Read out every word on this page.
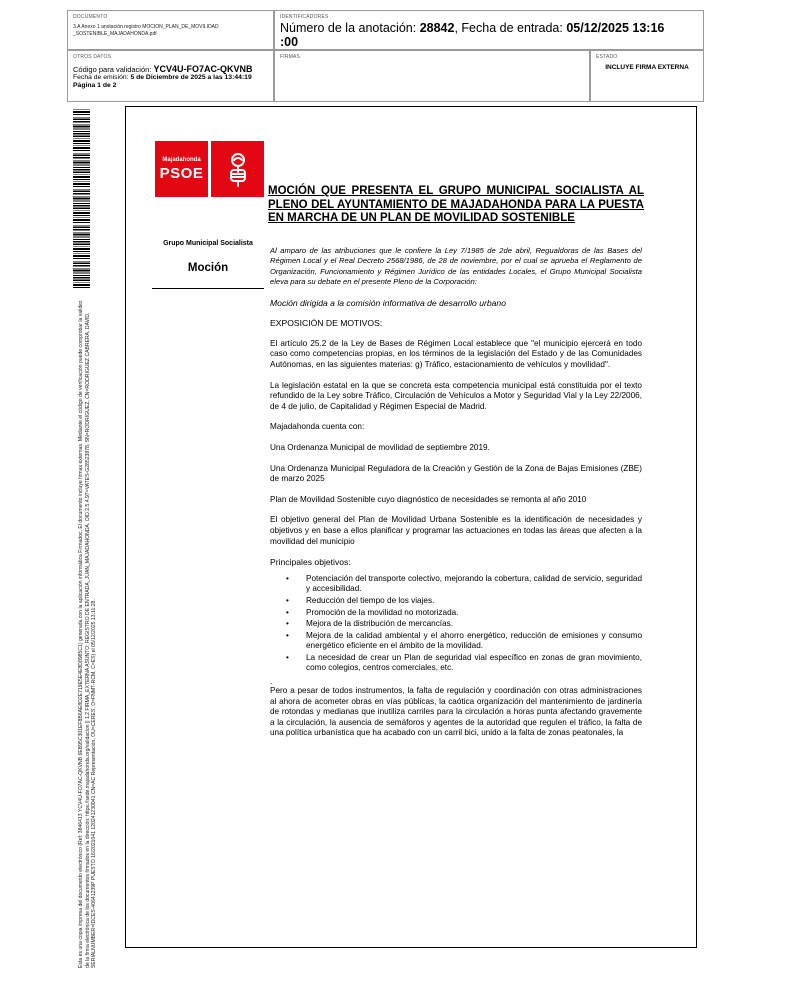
DOCUMENTO
3.A Anexo 1 anotación registro MOCION_PLAN_DE_MOVILIDAD _SOSTENIBLE_MAJADAHONDA.pdf
IDENTIFICADORES
Número de la anotación: 28842, Fecha de entrada: 05/12/2025 13:16
:00
OTROS DATOS
Código para validación: YCV4U-FO7AC-QKVNB
Fecha de emisión: 5 de Diciembre de 2025 a las 13:44:19
Página 1 de 2
FIRMAS	ESTADO
INCLUYE FIRMA EXTERNA
Esta es una copia impresa del documento electrónico (Ref: 3846413 YCV4U-FO7AC-QKVNB 6EB95C301EF8B6AE8D2E719E5E4E8D8985C1) generada con la aplicación informática Firmadoc. El documento incluye firmas externas. Mediante el código de verificación puede comprobar la validez de la firma electrónica de los documentos firmados en la dirección: https://sede.majadahonda.org/validacion || 1.2 FIRMA_EXTERNA ASUNTO: REGISTRO DE ENTRADA_JUAN_MAJADAHONDA, OID 2.5.4.97=VATES-G28523878, SN=RODRIGUEZ, CN=RODRIGUEZ CABRERA, DAVID, SERIALNUMBER=IDCES-40641239P PUESTO 16/2021041 120241230041 CN=AC Representación, OU=CERES, O=FNMT-RCM, C=ES) el 05/12/2025 13:11:28.
Majadahonda
PSOE
Grupo Municipal Socialista
Moción
MOCIÓN QUE PRESENTA EL GRUPO MUNICIPAL SOCIALISTA AL PLENO DEL AYUNTAMIENTO DE MAJADAHONDA PARA LA PUESTA EN MARCHA DE UN PLAN DE MOVILIDAD SOSTENIBLE

Al amparo de las atribuciones que le confiere la Ley 7/1985 de 2de abril, Regualdoras de las Bases del Régimen Local y el Real Decreto 2568/1986, de 28 de noviembre, por el cual se aprueba el Reglamento de Organización, Funcionamiento y Régimen Jurídico de las entidades Locales, el Grupo Municipal Socialista eleva para su debate en el presente Pleno de la Corporación:

Moción dirigida a la comisión informativa de desarrollo urbano

EXPOSICIÓN DE MOTIVOS:

El artículo 25.2 de la Ley de Bases de Régimen Local establece que "el municipio ejercerá en todo caso como competencias propias, en los términos de la legislación del Estado y de las Comunidades Autónomas, en las siguientes materias: g) Tráfico, estacionamiento de vehículos y movilidad".

La legislación estatal en la que se concreta esta competencia municipal está constituida por el texto refundido de la Ley sobre Tráfico, Circulación de Vehículos a Motor y Seguridad Vial y la Ley 22/2006, de 4 de julio, de Capitalidad y Régimen Especial de Madrid.

Majadahonda cuenta con:

Una Ordenanza Municipal de movilidad de septiembre 2019.

Una Ordenanza Municipal Reguladora de la Creación y Gestión de la Zona de Bajas Emisiones (ZBE) de marzo 2025

Plan de Movilidad Sostenible cuyo diagnóstico de necesidades se remonta al año 2010

El objetivo general del Plan de Movilidad Urbana Sostenible es la identificación de necesidades y objetivos y en base a ellos planificar y programar las actuaciones en todas las áreas que afecten a la movilidad del municipio

Principales objetivos:

• Potenciación del transporte colectivo, mejorando la cobertura, calidad de servicio, seguridad y accesibilidad.
• Reducción del tiempo de los viajes.
• Promoción de la movilidad no motorizada.
• Mejora de la distribución de mercancías.
• Mejora de la calidad ambiental y el ahorro energético, reducción de emisiones y consumo energético eficiente en el ámbito de la movilidad.
• La necesidad de crear un Plan de seguridad vial específico en zonas de gran movimiento, como colegios, centros comerciales, etc.

.

Pero a pesar de todos instrumentos, la falta de regulación y coordinación con otras administraciones al ahora de acometer obras en vías públicas, la caótica organización del mantenimiento de jardinería de rotondas y medianas que inutiliza carriles para la circulación a horas punta afectando gravemente a la circulación, la ausencia de semáforos y agentes de la autoridad que regulen el tráfico, la falta de una política urbanística que ha acabado con un carril bici, unido a la falta de zonas peatonales, la
